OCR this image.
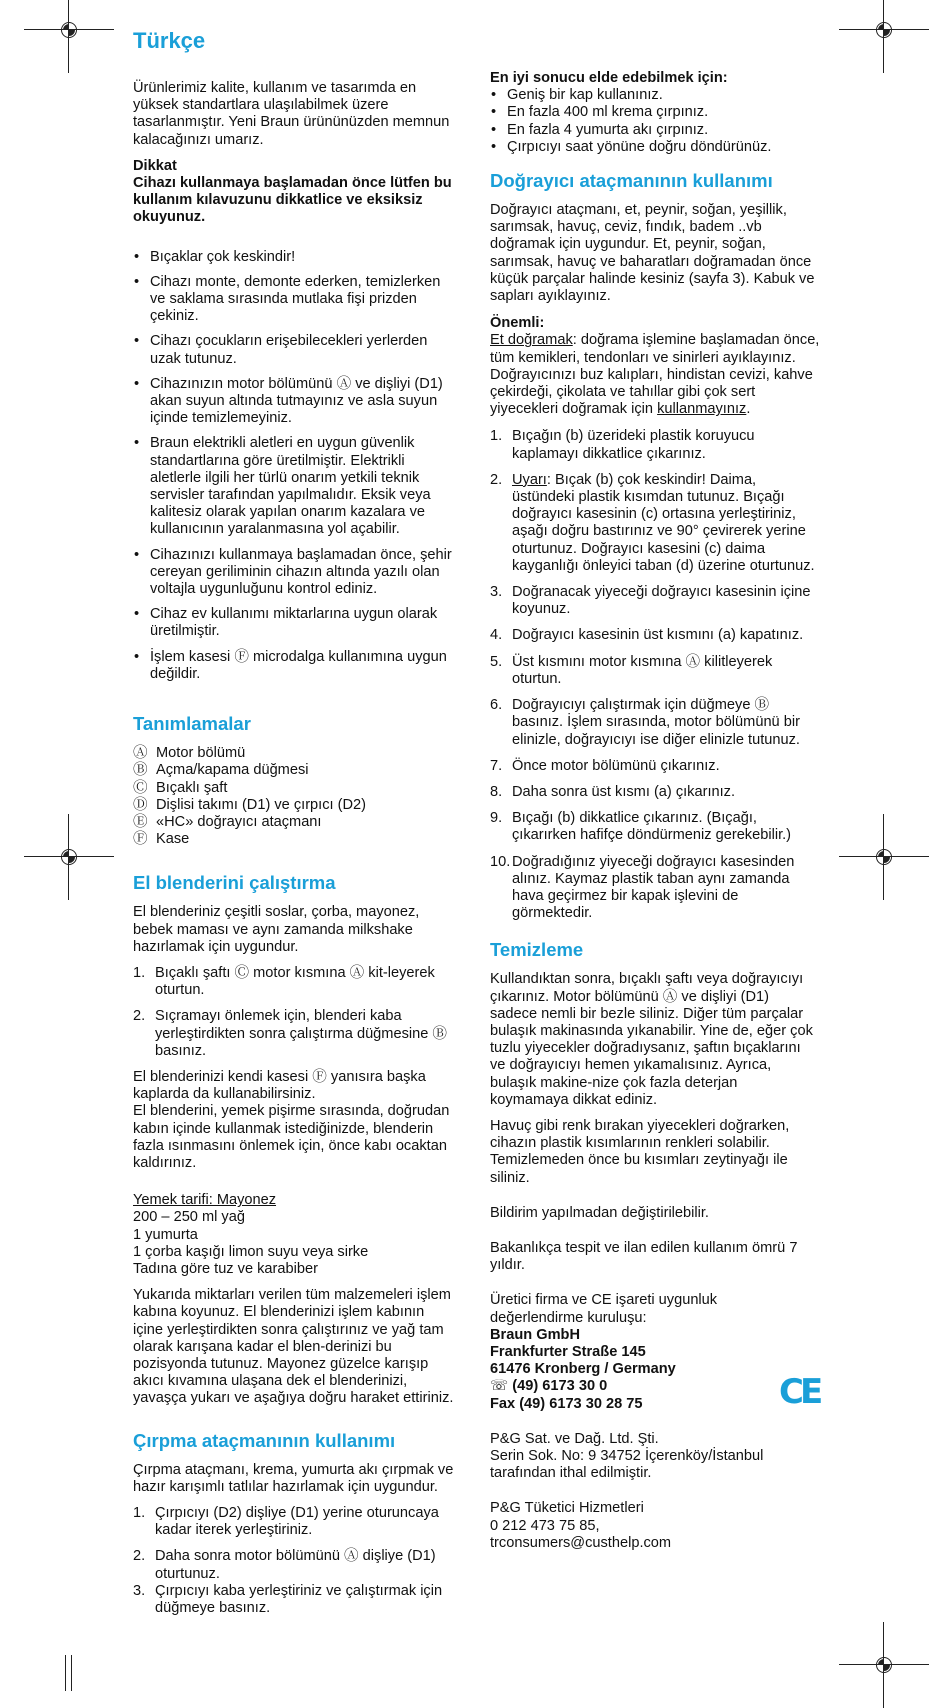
Türkçe

Ürünlerimiz kalite, kullanım ve tasarımda en yüksek standartlara ulaşılabilmek üzere tasarlanmıştır. Yeni Braun ürününüzden memnun kalacağınızı umarız.

Dikkat

Cihazı kullanmaya başlamadan önce lütfen bu kullanım kılavuzunu dikkatlice ve eksiksiz okuyunuz.

• Bıçaklar çok keskindir!
• Cihazı monte, demonte ederken, temizlerken ve saklama sırasında mutlaka fişi prizden çekiniz.
• Cihazı çocukların erişebilecekleri yerlerden uzak tutunuz.
• Cihazınızın motor bölümünü Ⓐ ve dişliyi (D1) akan suyun altında tutmayınız ve asla suyun içinde temizlemeyiniz.
• Braun elektrikli aletleri en uygun güvenlik standartlarına göre üretilmiştir. Elektrikli aletlerle ilgili her türlü onarım yetkili teknik servisler tarafından yapılmalıdır. Eksik veya kalitesiz olarak yapılan onarım kazalara ve kullanıcının yaralanmasına yol açabilir.
• Cihazınızı kullanmaya başlamadan önce, şehir cereyan geriliminin cihazın altında yazılı olan voltajla uygunluğunu kontrol ediniz.
• Cihaz ev kullanımı miktarlarına uygun olarak üretilmiştir.
• İşlem kasesi Ⓕ microdalga kullanımına uygun değildir.
Tanımlamalar
Ⓐ Motor bölümü
Ⓑ Açma/kapama düğmesi
Ⓒ Bıçaklı şaft
Ⓓ Dişlisi takımı (D1) ve çırpıcı (D2)
Ⓔ «HC» doğrayıcı ataçmanı
Ⓕ Kase
El blenderini çalıştırma

El blenderiniz çeşitli soslar, çorba, mayonez, bebek maması ve aynı zamanda milkshake hazırlamak için uygundur.

1. Bıçaklı şaftı Ⓒ motor kısmına Ⓐ kit-leyerek oturtun.
2. Sıçramayı önlemek için, blenderi kaba yerleştirdikten sonra çalıştırma düğmesine Ⓑ basınız.

El blenderinizi kendi kasesi Ⓕ yanısıra başka kaplarda da kullanabilirsiniz.

El blenderini, yemek pişirme sırasında, doğrudan kabın içinde kullanmak istediğinizde, blenderin fazla ısınmasını önlemek için, önce kabı ocaktan kaldırınız.

Yemek tarifi: Mayonez
200 – 250 ml yağ
1 yumurta
1 çorba kaşığı limon suyu veya sirke
Tadına göre tuz ve karabiber

Yukarıda miktarları verilen tüm malzemeleri işlem kabına koyunuz. El blenderinizi işlem kabının içine yerleştirdikten sonra çalıştırınız ve yağ tam olarak karışana kadar el blen-derinizi bu pozisyonda tutunuz. Mayonez güzelce karışıp akıcı kıvamına ulaşana dek el blenderinizi, yavaşça yukarı ve aşağıya doğru haraket ettiriniz.

Çırpma ataçmanının kullanımı

Çırpma ataçmanı, krema, yumurta akı çırpmak ve hazır karışımlı tatlılar hazırlamak için uygundur.

1. Çırpıcıyı (D2) dişliye (D1) yerine oturuncaya kadar iterek yerleştiriniz.
2. Daha sonra motor bölümünü Ⓐ dişliye (D1) oturtunuz.
3. Çırpıcıyı kaba yerleştiriniz ve çalıştırmak için düğmeye basınız.
En iyi sonucu elde edebilmek için:
• Geniş bir kap kullanınız.
• En fazla 400 ml krema çırpınız.
• En fazla 4 yumurta akı çırpınız.
• Çırpıcıyı saat yönüne doğru döndürünüz.
Doğrayıcı ataçmanının kullanımı

Doğrayıcı ataçmanı, et, peynir, soğan, yeşillik, sarımsak, havuç, ceviz, fındık, badem ..vb doğramak için uygundur. Et, peynir, soğan, sarımsak, havuç ve baharatları doğramadan önce küçük parçalar halinde kesiniz (sayfa 3). Kabuk ve sapları ayıklayınız.

Önemli:

Et doğramak: doğrama işlemine başlamadan önce, tüm kemikleri, tendonları ve sinirleri ayıklayınız.

Doğrayıcınızı buz kalıpları, hindistan cevizi, kahve çekirdeği, çikolata ve tahıllar gibi çok sert yiyecekleri doğramak için kullanmayınız.

1. Bıçağın (b) üzerideki plastik koruyucu kaplamayı dikkatlice çıkarınız.
2. Uyarı: Bıçak (b) çok keskindir! Daima, üstündeki plastik kısımdan tutunuz. Bıçağı doğrayıcı kasesinin (c) ortasına yerleştiriniz, aşağı doğru bastırınız ve 90° çevirerek yerine oturtunuz. Doğrayıcı kasesini (c) daima kayganlığı önleyici taban (d) üzerine oturtunuz.
3. Doğranacak yiyeceği doğrayıcı kasesinin içine koyunuz.
4. Doğrayıcı kasesinin üst kısmını (a) kapatınız.
5. Üst kısmını motor kısmına Ⓐ kilitleyerek oturtun.
6. Doğrayıcıyı çalıştırmak için düğmeye Ⓑ basınız. İşlem sırasında, motor bölümünü bir elinizle, doğrayıcıyı ise diğer elinizle tutunuz.
7. Önce motor bölümünü çıkarınız.
8. Daha sonra üst kısmı (a) çıkarınız.
9. Bıçağı (b) dikkatlice çıkarınız. (Bıçağı, çıkarırken hafifçe döndürmeniz gerekebilir.)
10. Doğradığınız yiyeceği doğrayıcı kasesinden alınız. Kaymaz plastik taban aynı zamanda hava geçirmez bir kapak işlevini de görmektedir.
Temizleme

Kullandıktan sonra, bıçaklı şaftı veya doğrayıcıyı çıkarınız. Motor bölümünü Ⓐ ve dişliyi (D1) sadece nemli bir bezle siliniz. Diğer tüm parçalar bulaşık makinasında yıkanabilir. Yine de, eğer çok tuzlu yiyecekler doğradıysanız, şaftın bıçaklarını ve doğrayıcıyı hemen yıkamalısınız. Ayrıca, bulaşık makine-nize çok fazla deterjan koymamaya dikkat ediniz.

Havuç gibi renk bırakan yiyecekleri doğrarken, cihazın plastik kısımlarının renkleri solabilir. Temizlemeden önce bu kısımları zeytinyağı ile siliniz.

Bildirim yapılmadan değiştirilebilir.

Bakanlıkça tespit ve ilan edilen kullanım ömrü 7 yıldır.

Üretici firma ve CE işareti uygunluk değerlendirme kuruluşu:
Braun GmbH
Frankfurter Straße 145
61476 Kronberg / Germany
☏ (49) 6173 30 0
Fax (49) 6173 30 28 75
P&G Sat. ve Dağ. Ltd. Şti.
Serin Sok. No: 9 34752 İçerenköy/İstanbul
tarafından ithal edilmiştir.
P&G Tüketici Hizmetleri
0 212 473 75 85,
trconsumers@custhelp.com
CE
